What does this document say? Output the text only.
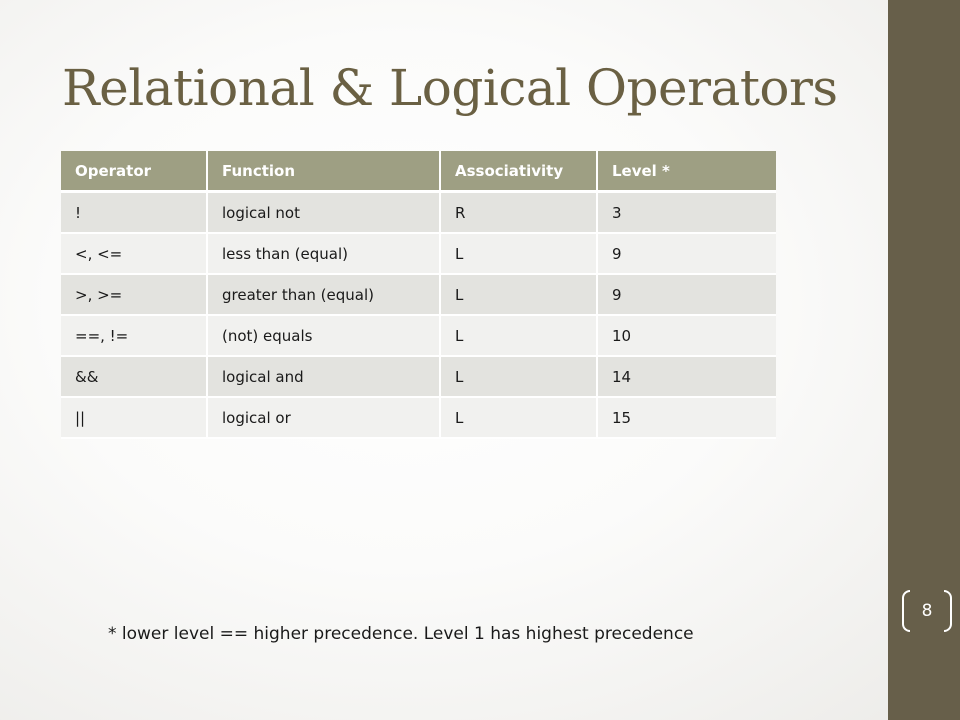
Relational & Logical Operators
Operator	Function	Associativity	Level *
!	logical not	R	3
<, <=	less than (equal)	L	9
>, >=	greater than (equal)	L	9
==, !=	(not) equals	L	10
&&	logical and	L	14
||	logical or	L	15
* lower level == higher precedence. Level 1 has highest precedence
8
